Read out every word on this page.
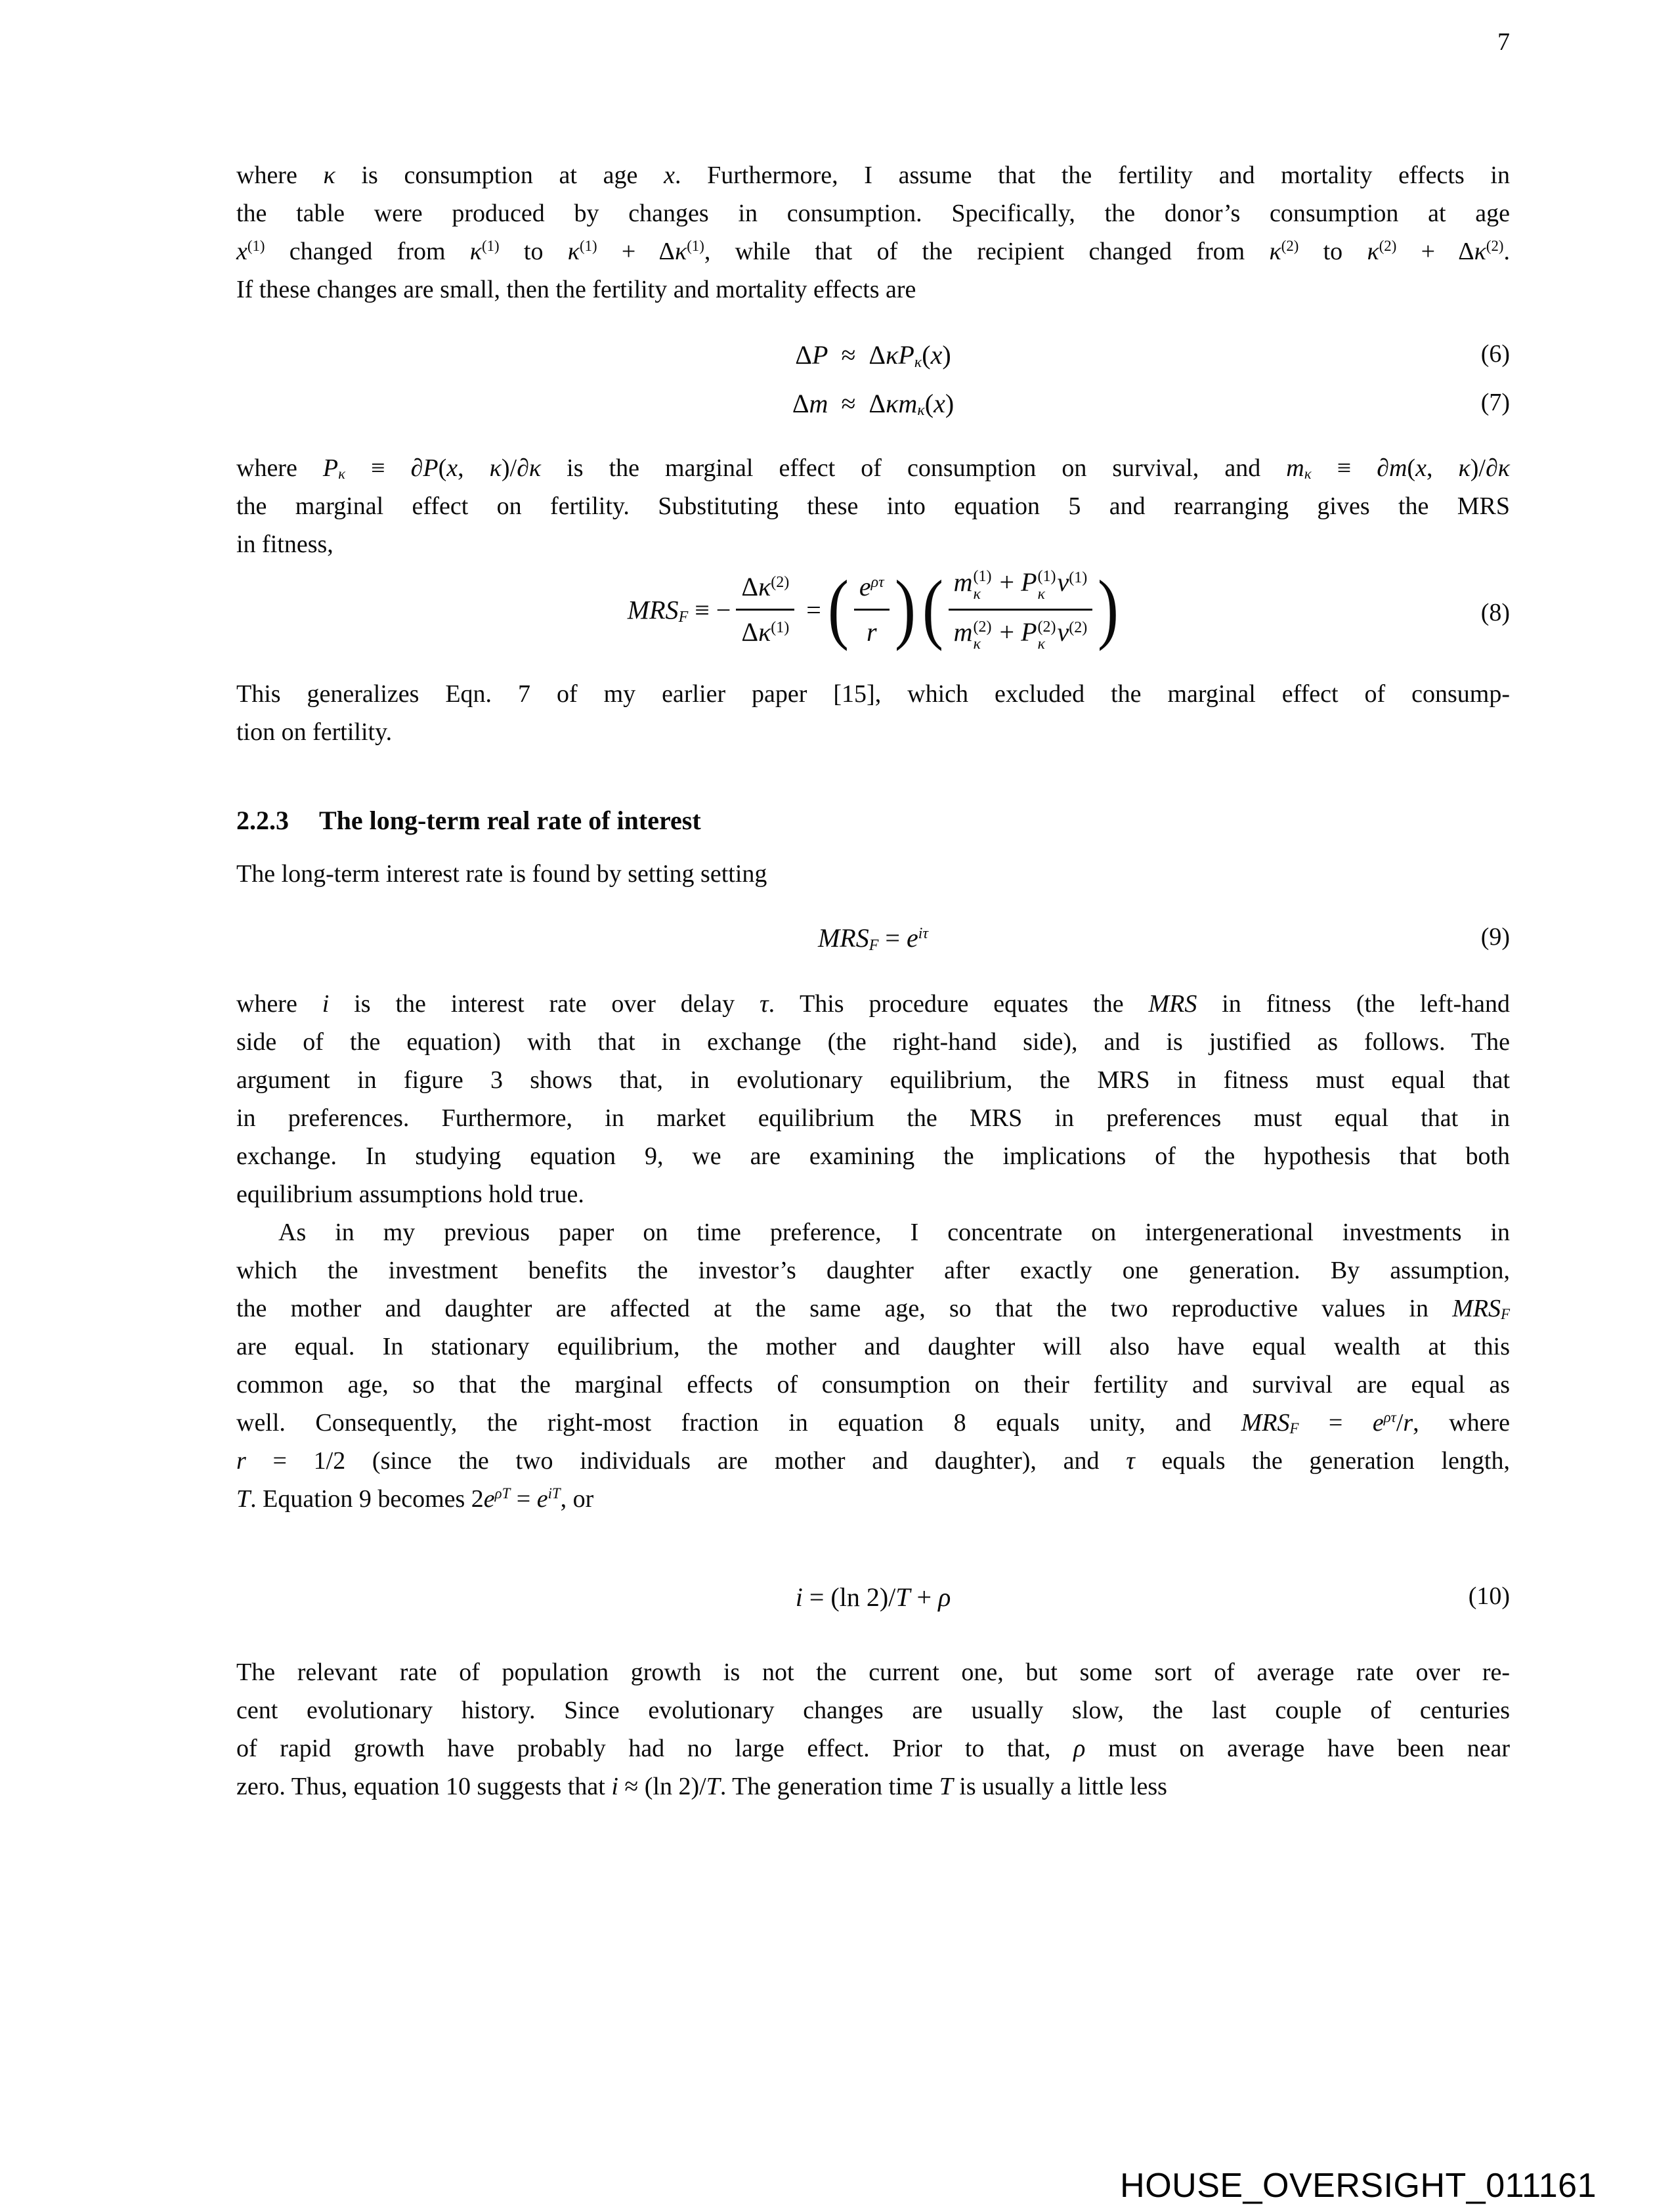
7
where κ is consumption at age x. Furthermore, I assume that the fertility and mortality effects in
the table were produced by changes in consumption. Specifically, the donor’s consumption at age
$x^{(1)}$ changed from $\kappa^{(1)}$ to $\kappa^{(1)} + \Delta\kappa^{(1)}$, while that of the recipient changed from $\kappa^{(2)}$ to $\kappa^{(2)} + \Delta\kappa^{(2)}$.
If these changes are small, then the fertility and mortality effects are
ΔP ≈ ΔκP$_\kappa$(x)	(6)
Δm ≈ Δκm$_\kappa$(x)	(7)
where $P_\kappa \equiv \partial P(x$, κ)/∂κ is the marginal effect of consumption on survival, and $m_\kappa \equiv \partial m(x$, κ)/∂κ
the marginal effect on fertility. Substituting these into equation 5 and rearranging gives the MRS
in fitness,
$MRS_F$ ≡ − $\frac{\Delta\kappa^{(2)}}{\Delta\kappa^{(1)}}$ = ( $\frac{e^{\rho\tau}}{r}$ ) ( m (1)
κ + P (1)
κ $v^{(1)}$
m (2)
κ + P (2)
κ $v^{(2)}$ )	(8)
This generalizes Eqn. 7 of my earlier paper [15], which excluded the marginal effect of consump-
tion on fertility.
2.2.3 The long-term real rate of interest
The long-term interest rate is found by setting setting
$MRS_F = e^{i\tau}$	(9)
where i is the interest rate over delay τ. This procedure equates the MRS in fitness (the left-hand
side of the equation) with that in exchange (the right-hand side), and is justified as follows. The
argument in figure 3 shows that, in evolutionary equilibrium, the MRS in fitness must equal that
in preferences. Furthermore, in market equilibrium the MRS in preferences must equal that in
exchange. In studying equation 9, we are examining the implications of the hypothesis that both
equilibrium assumptions hold true.
As in my previous paper on time preference, I concentrate on intergenerational investments in
which the investment benefits the investor’s daughter after exactly one generation. By assumption,
the mother and daughter are affected at the same age, so that the two reproductive values in $MRS_F$
are equal. In stationary equilibrium, the mother and daughter will also have equal wealth at this
common age, so that the marginal effects of consumption on their fertility and survival are equal as
well. Consequently, the right-most fraction in equation 8 equals unity, and $MRS_F = e^{\rho\tau}/r$, where
r = 1/2 (since the two individuals are mother and daughter), and τ equals the generation length,
T. Equation 9 becomes $2e^{\rho T} = e^{iT}$, or
i = (ln 2)/T + ρ	(10)
The relevant rate of population growth is not the current one, but some sort of average rate over re-
cent evolutionary history. Since evolutionary changes are usually slow, the last couple of centuries
of rapid growth have probably had no large effect. Prior to that, ρ must on average have been near
zero. Thus, equation 10 suggests that i ≈ (ln 2)/T. The generation time T is usually a little less
HOUSE_OVERSIGHT_011161
